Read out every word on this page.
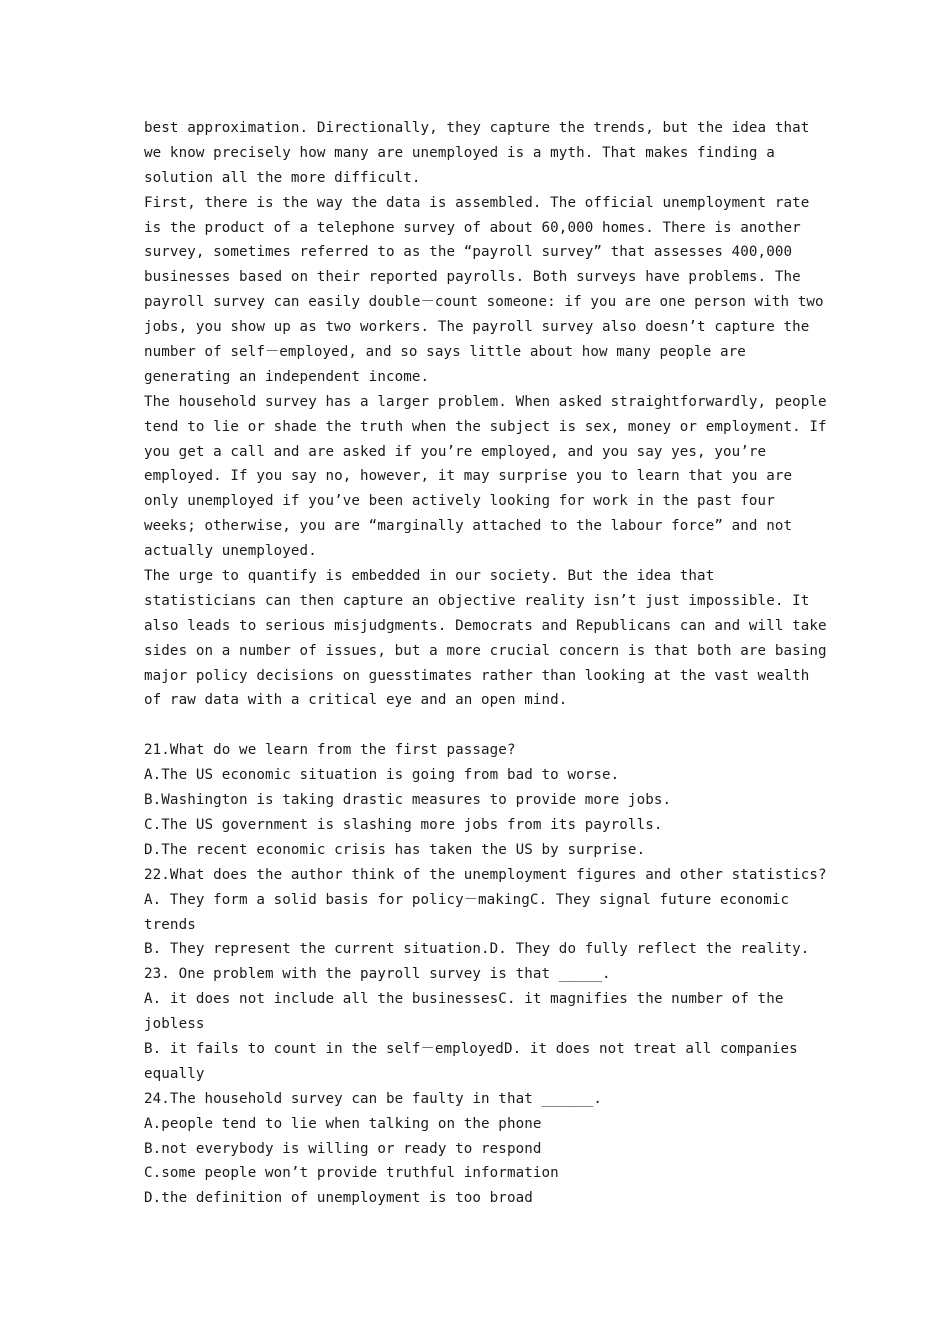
best approximation. Directionally, they capture the trends, but the idea that
we know precisely how many are unemployed is a myth. That makes finding a
solution all the more difficult.
First, there is the way the data is assembled. The official unemployment rate
is the product of a telephone survey of about 60,000 homes. There is another
survey, sometimes referred to as the “payroll survey” that assesses 400,000
businesses based on their reported payrolls. Both surveys have problems. The
payroll survey can easily double－count someone: if you are one person with two
jobs, you show up as two workers. The payroll survey also doesn’t capture the
number of self－employed, and so says little about how many people are
generating an independent income.
The household survey has a larger problem. When asked straightforwardly, people
tend to lie or shade the truth when the subject is sex, money or employment. If
you get a call and are asked if you’re employed, and you say yes, you’re
employed. If you say no, however, it may surprise you to learn that you are
only unemployed if you’ve been actively looking for work in the past four
weeks; otherwise, you are “marginally attached to the labour force” and not
actually unemployed.
The urge to quantify is embedded in our society. But the idea that
statisticians can then capture an objective reality isn’t just impossible. It
also leads to serious misjudgments. Democrats and Republicans can and will take
sides on a number of issues, but a more crucial concern is that both are basing
major policy decisions on guesstimates rather than looking at the vast wealth
of raw data with a critical eye and an open mind.
21.What do we learn from the first passage?
A.The US economic situation is going from bad to worse.
B.Washington is taking drastic measures to provide more jobs.
C.The US government is slashing more jobs from its payrolls.
D.The recent economic crisis has taken the US by surprise.
22.What does the author think of the unemployment figures and other statistics?
A. They form a solid basis for policy－makingC. They signal future economic
trends
B. They represent the current situation.D. They do fully reflect the reality.
23. One problem with the payroll survey is that _____.
A. it does not include all the businessesC. it magnifies the number of the
jobless
B. it fails to count in the self－employedD. it does not treat all companies
equally
24.The household survey can be faulty in that ______.
A.people tend to lie when talking on the phone
B.not everybody is willing or ready to respond
C.some people won’t provide truthful information
D.the definition of unemployment is too broad
